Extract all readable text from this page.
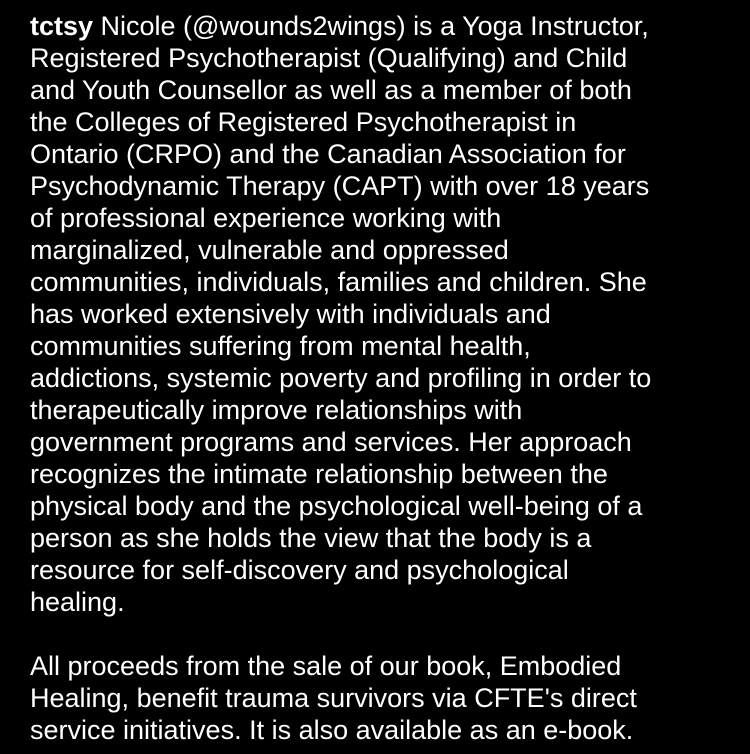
tctsy Nicole (@wounds2wings) is a Yoga Instructor,
Registered Psychotherapist (Qualifying) and Child
and Youth Counsellor as well as a member of both
the Colleges of Registered Psychotherapist in
Ontario (CRPO) and the Canadian Association for
Psychodynamic Therapy (CAPT) with over 18 years
of professional experience working with
marginalized, vulnerable and oppressed
communities, individuals, families and children. She
has worked extensively with individuals and
communities suffering from mental health,
addictions, systemic poverty and profiling in order to
therapeutically improve relationships with
government programs and services. Her approach
recognizes the intimate relationship between the
physical body and the psychological well-being of a
person as she holds the view that the body is a
resource for self-discovery and psychological
healing.

All proceeds from the sale of our book, Embodied
Healing, benefit trauma survivors via CFTE's direct
service initiatives. It is also available as an e-book.
